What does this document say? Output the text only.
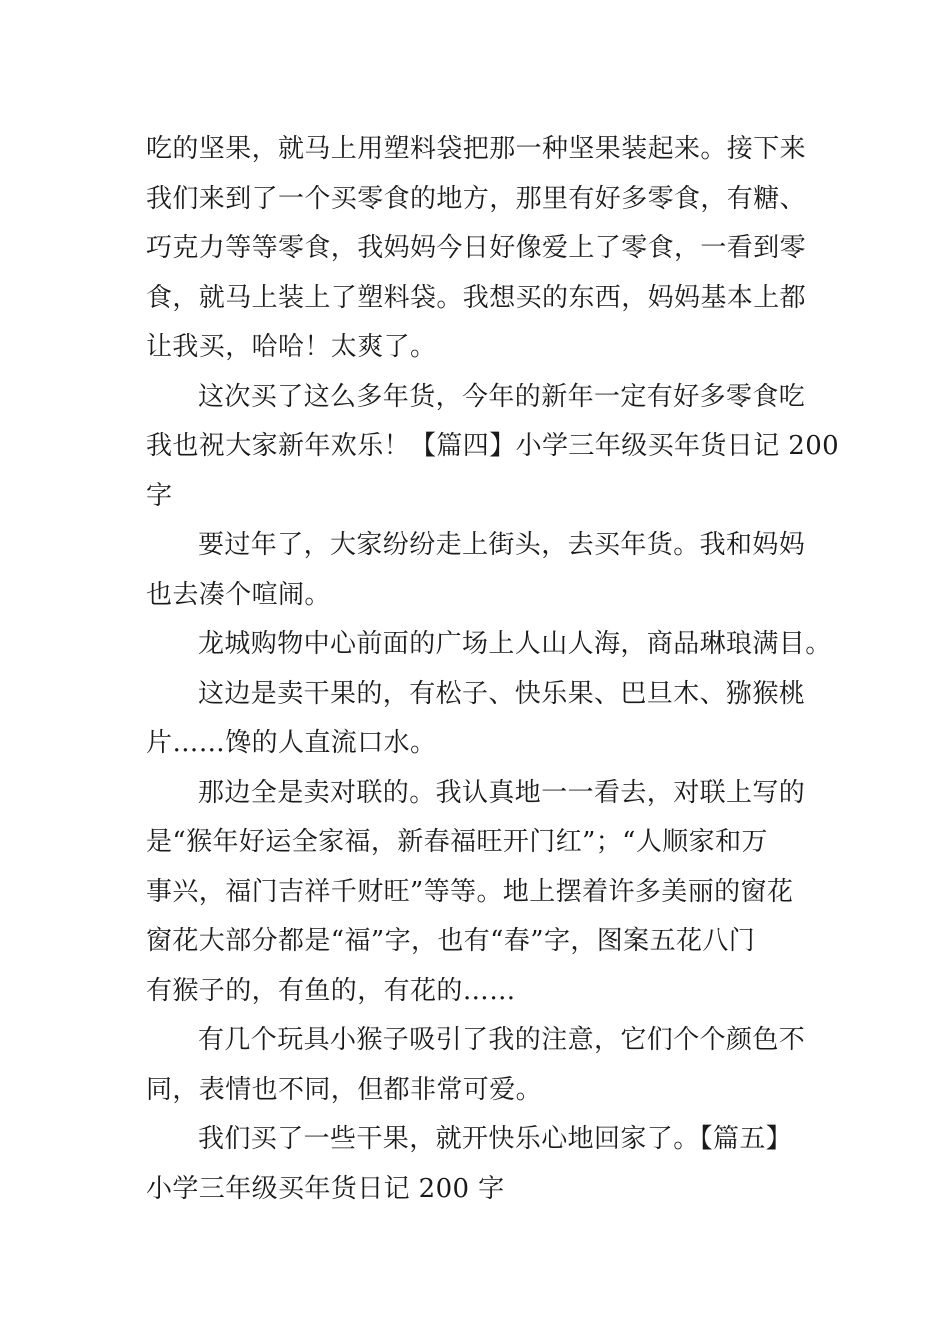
吃的坚果，就马上用塑料袋把那一种坚果装起来。接下来
我们来到了一个买零食的地方，那里有好多零食，有糖、
巧克力等等零食，我妈妈今日好像爱上了零食，一看到零
食，就马上装上了塑料袋。我想买的东西，妈妈基本上都
让我买，哈哈！太爽了。

这次买了这么多年货，今年的新年一定有好多零食吃
我也祝大家新年欢乐！【篇四】小学三年级买年货日记 200
字

要过年了，大家纷纷走上街头，去买年货。我和妈妈
也去凑个喧闹。

龙城购物中心前面的广场上人山人海，商品琳琅满目。

这边是卖干果的，有松子、快乐果、巴旦木、猕猴桃
片……馋的人直流口水。

那边全是卖对联的。我认真地一一看去，对联上写的
是“猴年好运全家福，新春福旺开门红”；“人顺家和万
事兴，福门吉祥千财旺”等等。地上摆着许多美丽的窗花
窗花大部分都是“福”字，也有“春”字，图案五花八门
有猴子的，有鱼的，有花的……

有几个玩具小猴子吸引了我的注意，它们个个颜色不
同，表情也不同，但都非常可爱。

我们买了一些干果，就开快乐心地回家了。【篇五】
小学三年级买年货日记 200 字
